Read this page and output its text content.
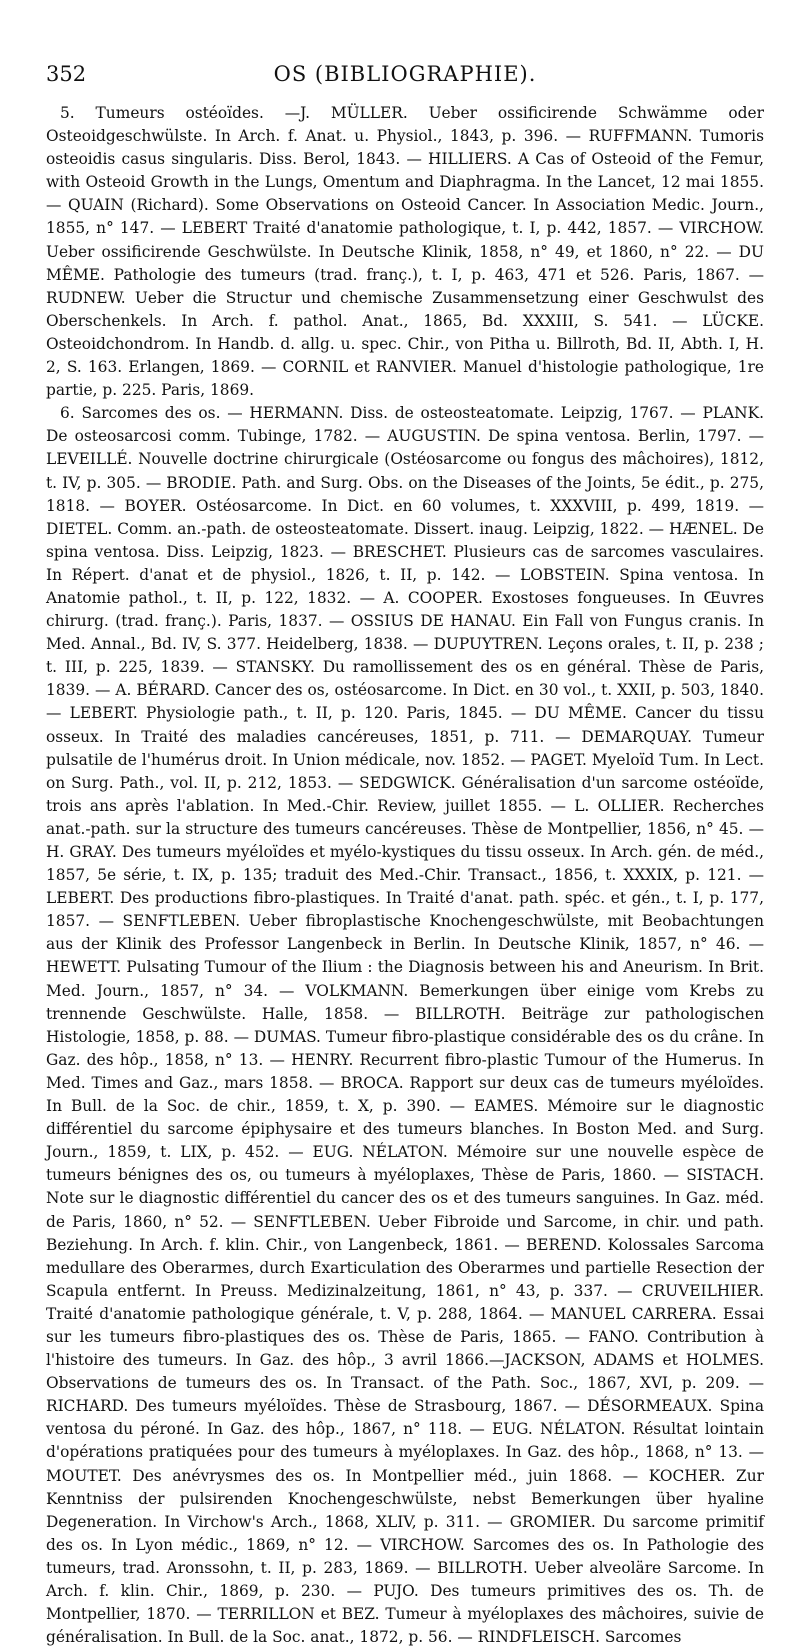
352	OS (BIBLIOGRAPHIE).

5. Tumeurs ostéoïdes. —J. MÜLLER. Ueber ossificirende Schwämme oder Osteoidgeschwülste. In Arch. f. Anat. u. Physiol., 1843, p. 396. — RUFFMANN. Tumoris osteoidis casus singularis. Diss. Berol, 1843. — HILLIERS. A Cas of Osteoid of the Femur, with Osteoid Growth in the Lungs, Omentum and Diaphragma. In the Lancet, 12 mai 1855. — QUAIN (Richard). Some Observations on Osteoid Cancer. In Association Medic. Journ., 1855, n° 147. — LEBERT Traité d'anatomie pathologique, t. I, p. 442, 1857. — VIRCHOW. Ueber ossificirende Geschwülste. In Deutsche Klinik, 1858, n° 49, et 1860, n° 22. — DU MÊME. Pathologie des tumeurs (trad. franç.), t. I, p. 463, 471 et 526. Paris, 1867. — RUDNEW. Ueber die Structur und chemische Zusammensetzung einer Geschwulst des Oberschenkels. In Arch. f. pathol. Anat., 1865, Bd. XXXIII, S. 541. — LÜCKE. Osteoidchondrom. In Handb. d. allg. u. spec. Chir., von Pitha u. Billroth, Bd. II, Abth. I, H. 2, S. 163. Erlangen, 1869. — CORNIL et RANVIER. Manuel d'histologie pathologique, 1re partie, p. 225. Paris, 1869.

6. Sarcomes des os. — HERMANN. Diss. de osteosteatomate. Leipzig, 1767. — PLANK. De osteosarcosi comm. Tubinge, 1782. — AUGUSTIN. De spina ventosa. Berlin, 1797. — LEVEILLÉ. Nouvelle doctrine chirurgicale (Ostéosarcome ou fongus des mâchoires), 1812, t. IV, p. 305. — BRODIE. Path. and Surg. Obs. on the Diseases of the Joints, 5e édit., p. 275, 1818. — BOYER. Ostéosarcome. In Dict. en 60 volumes, t. XXXVIII, p. 499, 1819. — DIETEL. Comm. an.-path. de osteosteatomate. Dissert. inaug. Leipzig, 1822. — HÆNEL. De spina ventosa. Diss. Leipzig, 1823. — BRESCHET. Plusieurs cas de sarcomes vasculaires. In Répert. d'anat et de physiol., 1826, t. II, p. 142. — LOBSTEIN. Spina ventosa. In Anatomie pathol., t. II, p. 122, 1832. — A. COOPER. Exostoses fongueuses. In Œuvres chirurg. (trad. franç.). Paris, 1837. — OSSIUS DE HANAU. Ein Fall von Fungus cranis. In Med. Annal., Bd. IV, S. 377. Heidelberg, 1838. — DUPUYTREN. Leçons orales, t. II, p. 238 ; t. III, p. 225, 1839. — STANSKY. Du ramollissement des os en général. Thèse de Paris, 1839. — A. BÉRARD. Cancer des os, ostéosarcome. In Dict. en 30 vol., t. XXII, p. 503, 1840. — LEBERT. Physiologie path., t. II, p. 120. Paris, 1845. — DU MÊME. Cancer du tissu osseux. In Traité des maladies cancéreuses, 1851, p. 711. — DEMARQUAY. Tumeur pulsatile de l'humérus droit. In Union médicale, nov. 1852. — PAGET. Myeloïd Tum. In Lect. on Surg. Path., vol. II, p. 212, 1853. — SEDGWICK. Généralisation d'un sarcome ostéoïde, trois ans après l'ablation. In Med.-Chir. Review, juillet 1855. — L. OLLIER. Recherches anat.-path. sur la structure des tumeurs cancéreuses. Thèse de Montpellier, 1856, n° 45. — H. GRAY. Des tumeurs myéloïdes et myélo-kystiques du tissu osseux. In Arch. gén. de méd., 1857, 5e série, t. IX, p. 135; traduit des Med.-Chir. Transact., 1856, t. XXXIX, p. 121. — LEBERT. Des productions fibro-plastiques. In Traité d'anat. path. spéc. et gén., t. I, p. 177, 1857. — SENFTLEBEN. Ueber fibroplastische Knochengeschwülste, mit Beobachtungen aus der Klinik des Professor Langenbeck in Berlin. In Deutsche Klinik, 1857, n° 46. — HEWETT. Pulsating Tumour of the Ilium : the Diagnosis between his and Aneurism. In Brit. Med. Journ., 1857, n° 34. — VOLKMANN. Bemerkungen über einige vom Krebs zu trennende Geschwülste. Halle, 1858. — BILLROTH. Beiträge zur pathologischen Histologie, 1858, p. 88. — DUMAS. Tumeur fibro-plastique considérable des os du crâne. In Gaz. des hôp., 1858, n° 13. — HENRY. Recurrent fibro-plastic Tumour of the Humerus. In Med. Times and Gaz., mars 1858. — BROCA. Rapport sur deux cas de tumeurs myéloïdes. In Bull. de la Soc. de chir., 1859, t. X, p. 390. — EAMES. Mémoire sur le diagnostic différentiel du sarcome épiphysaire et des tumeurs blanches. In Boston Med. and Surg. Journ., 1859, t. LIX, p. 452. — EUG. NÉLATON. Mémoire sur une nouvelle espèce de tumeurs bénignes des os, ou tumeurs à myéloplaxes, Thèse de Paris, 1860. — SISTACH. Note sur le diagnostic différentiel du cancer des os et des tumeurs sanguines. In Gaz. méd. de Paris, 1860, n° 52. — SENFTLEBEN. Ueber Fibroide und Sarcome, in chir. und path. Beziehung. In Arch. f. klin. Chir., von Langenbeck, 1861. — BEREND. Kolossales Sarcoma medullare des Oberarmes, durch Exarticulation des Oberarmes und partielle Resection der Scapula entfernt. In Preuss. Medizinalzeitung, 1861, n° 43, p. 337. — CRUVEILHIER. Traité d'anatomie pathologique générale, t. V, p. 288, 1864. — MANUEL CARRERA. Essai sur les tumeurs fibro-plastiques des os. Thèse de Paris, 1865. — FANO. Contribution à l'histoire des tumeurs. In Gaz. des hôp., 3 avril 1866.—JACKSON, ADAMS et HOLMES. Observations de tumeurs des os. In Transact. of the Path. Soc., 1867, XVI, p. 209. — RICHARD. Des tumeurs myéloïdes. Thèse de Strasbourg, 1867. — DÉSORMEAUX. Spina ventosa du péroné. In Gaz. des hôp., 1867, n° 118. — EUG. NÉLATON. Résultat lointain d'opérations pratiquées pour des tumeurs à myéloplaxes. In Gaz. des hôp., 1868, n° 13. — MOUTET. Des anévrysmes des os. In Montpellier méd., juin 1868. — KOCHER. Zur Kenntniss der pulsirenden Knochengeschwülste, nebst Bemerkungen über hyaline Degeneration. In Virchow's Arch., 1868, XLIV, p. 311. — GROMIER. Du sarcome primitif des os. In Lyon médic., 1869, n° 12. — VIRCHOW. Sarcomes des os. In Pathologie des tumeurs, trad. Aronssohn, t. II, p. 283, 1869. — BILLROTH. Ueber alveoläre Sarcome. In Arch. f. klin. Chir., 1869, p. 230. — PUJO. Des tumeurs primitives des os. Th. de Montpellier, 1870. — TERRILLON et BEZ. Tumeur à myéloplaxes des mâchoires, suivie de généralisation. In Bull. de la Soc. anat., 1872, p. 56. — RINDFLEISCH. Sarcomes
